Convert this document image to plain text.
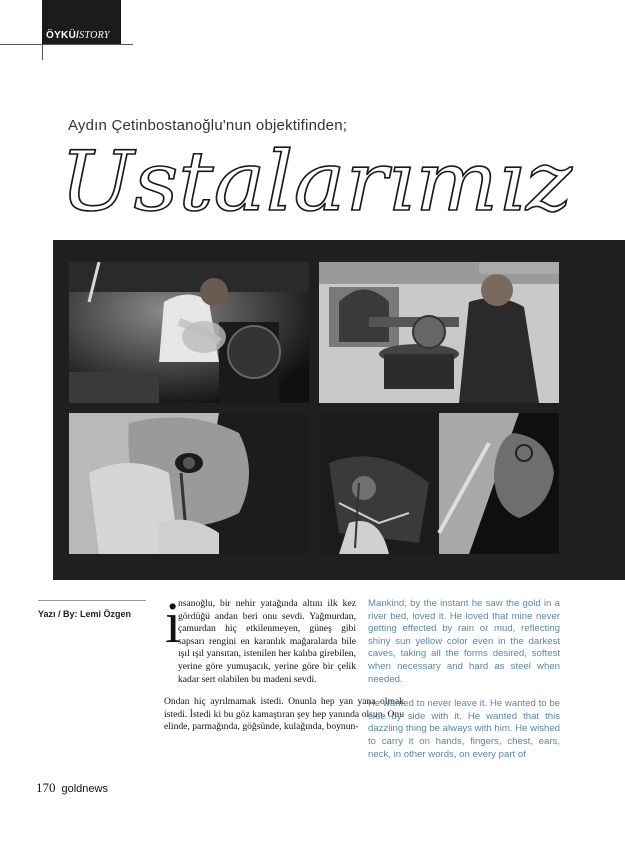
ÖYKÜ/STORY
Aydın Çetinbostanoğlu'nun objektifinden;
Ustalarımız
Yazı / By: Lemi Özgen i

nsanoğlu, bir nehir yatağında altını ilk kez gördüğü andan beri onu sevdi. Yağmurdan, çamurdan hiç etkilenmeyen, güneş gibi sapsarı rengini en karanlık mağaralarda bile ışıl ışıl yansıtan, istenilen her kalıba girebilen, yerine göre yumuşacık, yerine göre bir çelik kadar sert olabilen bu madeni sevdi.

Ondan hiç ayrılmamak istedi. Onunla hep yan yana olmak istedi. İstedi ki bu göz kamaştıran şey hep yanında olsun. Onu elinde, parmağında, göğsünde, kulağında, boynun-

Mankind, by the instant he saw the gold in a river bed, loved it. He loved that mine never getting effected by rain or mud, reflecting shiny sun yellow color even in the darkest caves, taking all the forms desired, softest when necessary and hard as steel when needed.

He wanted to never leave it. He wanted to be side by side with it. He wanted that this dazzling thing be always with him. He wished to carry it on hands, fingers, chest, ears, neck, in other words, on every part of

170 goldnews
